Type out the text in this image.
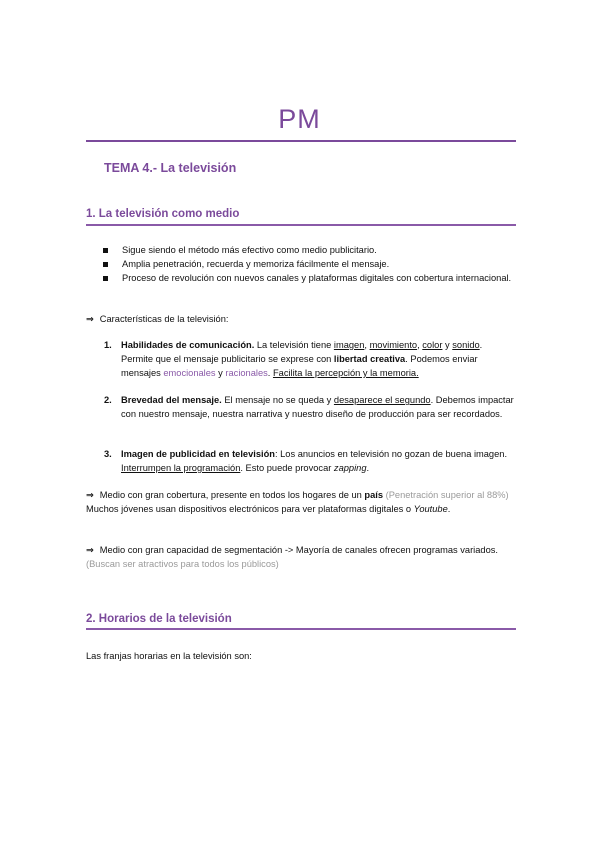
PM
TEMA 4.- La televisión
1. La televisión como medio
Sigue siendo el método más efectivo como medio publicitario.
Amplia penetración, recuerda y memoriza fácilmente el mensaje.
Proceso de revolución con nuevos canales y plataformas digitales con cobertura internacional.
⇒ Características de la televisión:
1. Habilidades de comunicación. La televisión tiene imagen, movimiento, color y sonido. Permite que el mensaje publicitario se exprese con libertad creativa. Podemos enviar mensajes emocionales y racionales. Facilita la percepción y la memoria.
2. Brevedad del mensaje. El mensaje no se queda y desaparece el segundo. Debemos impactar con nuestro mensaje, nuestra narrativa y nuestro diseño de producción para ser recordados.
3. Imagen de publicidad en televisión: Los anuncios en televisión no gozan de buena imagen. Interrumpen la programación. Esto puede provocar zapping.
⇒ Medio con gran cobertura, presente en todos los hogares de un país (Penetración superior al 88%) Muchos jóvenes usan dispositivos electrónicos para ver plataformas digitales o Youtube.
⇒ Medio con gran capacidad de segmentación -> Mayoría de canales ofrecen programas variados. (Buscan ser atractivos para todos los públicos)
2. Horarios de la televisión
Las franjas horarias en la televisión son:
